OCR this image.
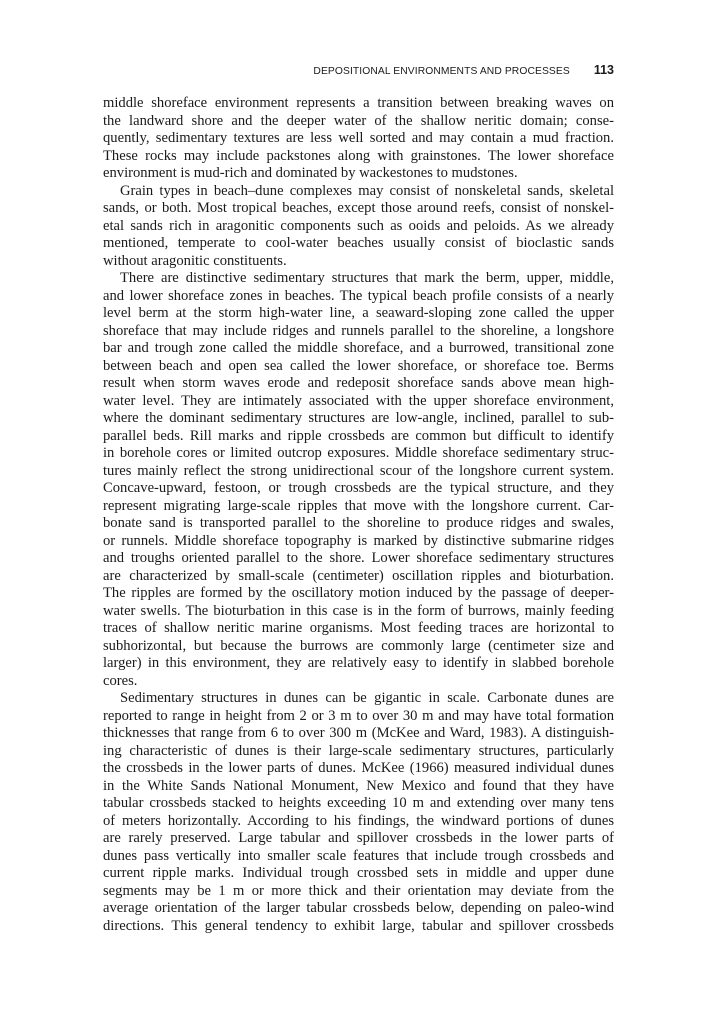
DEPOSITIONAL ENVIRONMENTS AND PROCESSES 113
middle shoreface environment represents a transition between breaking waves on
the landward shore and the deeper water of the shallow neritic domain; conse-
quently, sedimentary textures are less well sorted and may contain a mud fraction.
These rocks may include packstones along with grainstones. The lower shoreface
environment is mud-rich and dominated by wackestones to mudstones.
Grain types in beach–dune complexes may consist of nonskeletal sands, skeletal
sands, or both. Most tropical beaches, except those around reefs, consist of nonskel-
etal sands rich in aragonitic components such as ooids and peloids. As we already
mentioned, temperate to cool-water beaches usually consist of bioclastic sands
without aragonitic constituents.
There are distinctive sedimentary structures that mark the berm, upper, middle,
and lower shoreface zones in beaches. The typical beach profile consists of a nearly
level berm at the storm high-water line, a seaward-sloping zone called the upper
shoreface that may include ridges and runnels parallel to the shoreline, a longshore
bar and trough zone called the middle shoreface, and a burrowed, transitional zone
between beach and open sea called the lower shoreface, or shoreface toe. Berms
result when storm waves erode and redeposit shoreface sands above mean high-
water level. They are intimately associated with the upper shoreface environment,
where the dominant sedimentary structures are low-angle, inclined, parallel to sub-
parallel beds. Rill marks and ripple crossbeds are common but difficult to identify
in borehole cores or limited outcrop exposures. Middle shoreface sedimentary struc-
tures mainly reflect the strong unidirectional scour of the longshore current system.
Concave-upward, festoon, or trough crossbeds are the typical structure, and they
represent migrating large-scale ripples that move with the longshore current. Car-
bonate sand is transported parallel to the shoreline to produce ridges and swales,
or runnels. Middle shoreface topography is marked by distinctive submarine ridges
and troughs oriented parallel to the shore. Lower shoreface sedimentary structures
are characterized by small-scale (centimeter) oscillation ripples and bioturbation.
The ripples are formed by the oscillatory motion induced by the passage of deeper-
water swells. The bioturbation in this case is in the form of burrows, mainly feeding
traces of shallow neritic marine organisms. Most feeding traces are horizontal to
subhorizontal, but because the burrows are commonly large (centimeter size and
larger) in this environment, they are relatively easy to identify in slabbed borehole
cores.
Sedimentary structures in dunes can be gigantic in scale. Carbonate dunes are
reported to range in height from 2 or 3 m to over 30 m and may have total formation
thicknesses that range from 6 to over 300 m (McKee and Ward, 1983). A distinguish-
ing characteristic of dunes is their large-scale sedimentary structures, particularly
the crossbeds in the lower parts of dunes. McKee (1966) measured individual dunes
in the White Sands National Monument, New Mexico and found that they have
tabular crossbeds stacked to heights exceeding 10 m and extending over many tens
of meters horizontally. According to his findings, the windward portions of dunes
are rarely preserved. Large tabular and spillover crossbeds in the lower parts of
dunes pass vertically into smaller scale features that include trough crossbeds and
current ripple marks. Individual trough crossbed sets in middle and upper dune
segments may be 1 m or more thick and their orientation may deviate from the
average orientation of the larger tabular crossbeds below, depending on paleo-wind
directions. This general tendency to exhibit large, tabular and spillover crossbeds
